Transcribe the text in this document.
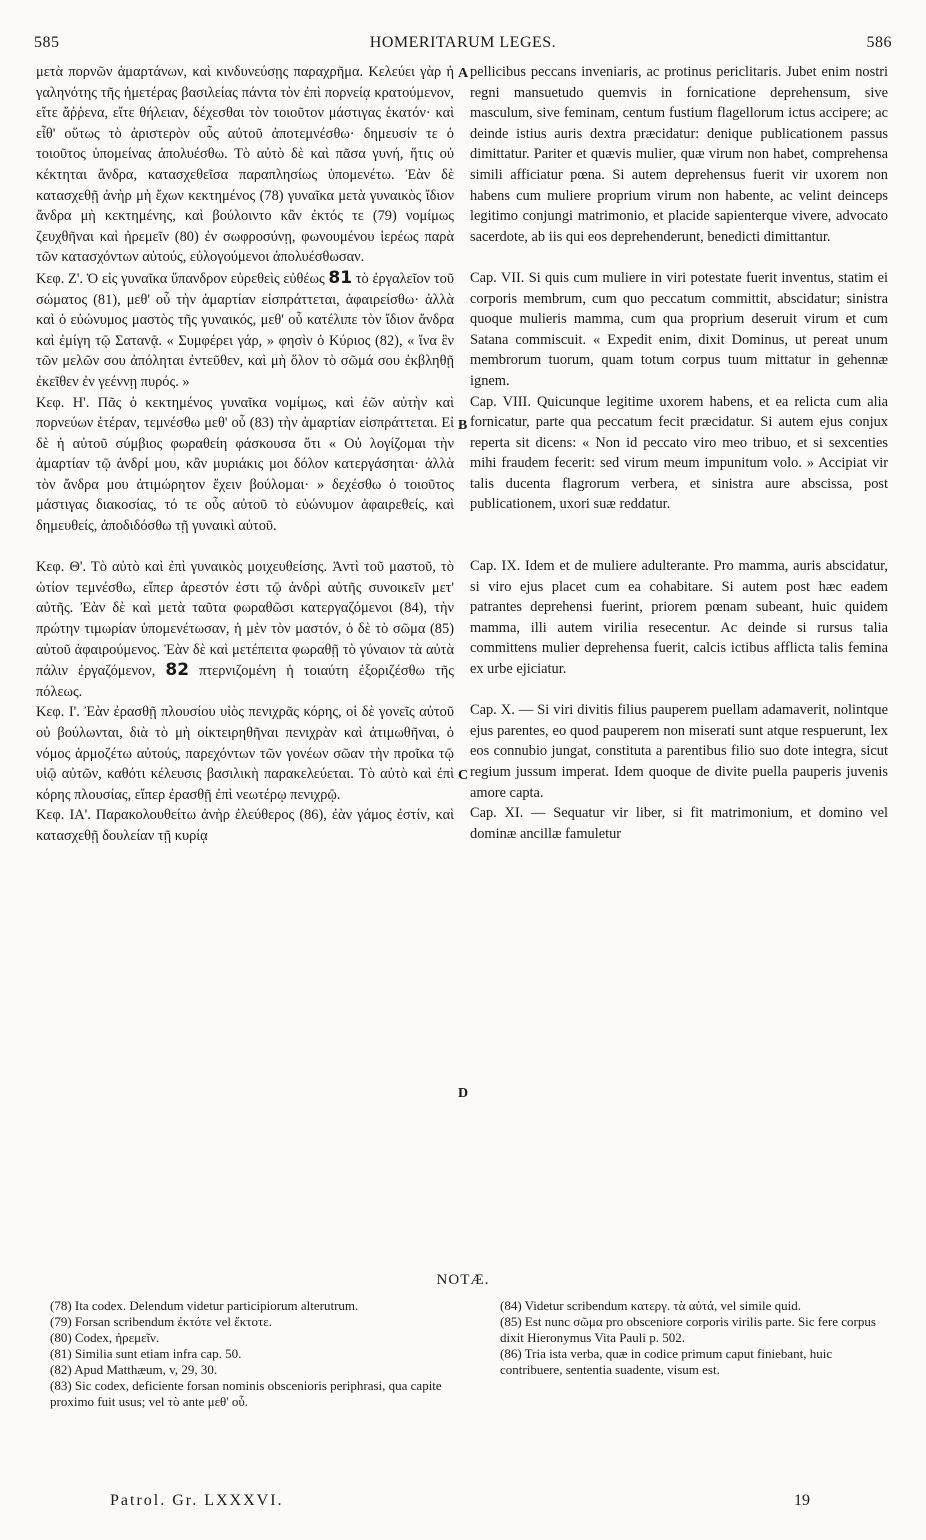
585	HOMERITARUM LEGES.	586

μετὰ πορνῶν ἁμαρτάνων, καὶ κινδυνεύσῃς παραχρῆμα. Κελεύει γὰρ ἡ γαληνότης τῆς ἡμετέρας βασιλείας πάντα τὸν ἐπὶ πορνείᾳ κρατούμενον, εἴτε ἄῤῥενα, εἴτε θήλειαν, δέχεσθαι τὸν τοιοῦτον μάστιγας ἑκατόν· καὶ εἶθ' οὕτως τὸ ἀριστερὸν οὖς αὐτοῦ ἀποτεμνέσθω· δημευσίν τε ὁ τοιοῦτος ὑπομείνας ἀπολυέσθω. Τὸ αὐτὸ δὲ καὶ πᾶσα γυνή, ἥτις οὐ κέκτηται ἄνδρα, κατασχεθεῖσα παραπλησίως ὑπομενέτω. Ἐὰν δὲ κατασχεθῇ ἀνὴρ μὴ ἔχων κεκτημένος (78) γυναῖκα μετὰ γυναικὸς ἴδιον ἄνδρα μὴ κεκτημένης, καὶ βούλοιντο κἂν ἐκτός τε (79) νομίμως ζευχθῆναι καὶ ἠρεμεῖν (80) ἐν σωφροσύνῃ, φωνουμένου ἱερέως παρὰ τῶν κατασχόντων αὐτούς, εὐλογούμενοι ἀπολυέσθωσαν.

Κεφ. Ζ'. Ὁ εἰς γυναῖκα ὕπανδρον εὑρεθεὶς εὐθέως 81 τὸ ἐργαλεῖον τοῦ σώματος (81), μεθ' οὗ τὴν ἁμαρτίαν εἰσπράττεται, ἀφαιρείσθω· ἀλλὰ καὶ ὁ εὐώνυμος μαστὸς τῆς γυναικός, μεθ' οὗ κατέλιπε τὸν ἴδιον ἄνδρα καὶ ἐμίγη τῷ Σατανᾷ. « Συμφέρει γάρ, » φησὶν ὁ Κύριος (82), « ἵνα ἓν τῶν μελῶν σου ἀπόληται ἐντεῦθεν, καὶ μὴ ὅλον τὸ σῶμά σου ἐκβληθῇ ἐκεῖθεν ἐν γεέννῃ πυρός. »

Κεφ. Η'. Πᾶς ὁ κεκτημένος γυναῖκα νομίμως, καὶ ἐῶν αὐτὴν καὶ πορνεύων ἑτέραν, τεμνέσθω μεθ' οὗ (83) τὴν ἁμαρτίαν εἰσπράττεται. Εἰ δὲ ἡ αὐτοῦ σύμβιος φωραθείη φάσκουσα ὅτι « Οὐ λογίζομαι τὴν ἁμαρτίαν τῷ ἀνδρί μου, κἂν μυριάκις μοι δόλον κατεργάσηται· ἀλλὰ τὸν ἄνδρα μου ἀτιμώρητον ἔχειν βούλομαι· » δεχέσθω ὁ τοιοῦτος μάστιγας διακοσίας, τό τε οὖς αὐτοῦ τὸ εὐώνυμον ἀφαιρεθείς, καὶ δημευθείς, ἀποδιδόσθω τῇ γυναικὶ αὐτοῦ.

Κεφ. Θ'. Τὸ αὐτὸ καὶ ἐπὶ γυναικὸς μοιχευθείσης. Ἀντὶ τοῦ μαστοῦ, τὸ ὠτίον τεμνέσθω, εἴπερ ἀρεστόν ἐστι τῷ ἀνδρὶ αὐτῆς συνοικεῖν μετ' αὐτῆς. Ἐὰν δὲ καὶ μετὰ ταῦτα φωραθῶσι κατεργαζόμενοι (84), τὴν πρώτην τιμωρίαν ὑπομενέτωσαν, ἡ μὲν τὸν μαστόν, ὁ δὲ τὸ σῶμα (85) αὐτοῦ ἀφαιρούμενος. Ἐὰν δὲ καὶ μετέπειτα φωραθῇ τὸ γύναιον τὰ αὐτὰ πάλιν ἐργαζόμενον, 82 πτερνιζομένη ἡ τοιαύτη ἐξοριζέσθω τῆς πόλεως.

Κεφ. Ι'. Ἐὰν ἐρασθῇ πλουσίου υἱὸς πενιχρᾶς κόρης, οἱ δὲ γονεῖς αὐτοῦ οὐ βούλωνται, διὰ τὸ μὴ οἰκτειρηθῆναι πενιχρὰν καὶ ἀτιμωθῆναι, ὁ νόμος ἁρμοζέτω αὐτούς, παρεχόντων τῶν γονέων σῶαν τὴν προῖκα τῷ υἱῷ αὐτῶν, καθότι κέλευσις βασιλικὴ παρακελεύεται. Τὸ αὐτὸ καὶ ἐπὶ κόρης πλουσίας, εἴπερ ἐρασθῇ ἐπὶ νεωτέρῳ πενιχρῷ.

Κεφ. ΙΑ'. Παρακολουθείτω ἀνὴρ ἐλεύθερος (86), ἐὰν γάμος ἐστίν, καὶ κατασχεθῇ δουλείαν τῇ κυρίᾳ

A
B
C
D

pellicibus peccans inveniaris, ac protinus periclitaris. Jubet enim nostri regni mansuetudo quemvis in fornicatione deprehensum, sive masculum, sive feminam, centum fustium flagellorum ictus accipere; ac deinde istius auris dextra præcidatur: denique publicationem passus dimittatur. Pariter et quævis mulier, quæ virum non habet, comprehensa simili afficiatur pœna. Si autem deprehensus fuerit vir uxorem non habens cum muliere proprium virum non habente, ac velint deinceps legitimo conjungi matrimonio, et placide sapienterque vivere, advocato sacerdote, ab iis qui eos deprehenderunt, benedicti dimittantur.

Cap. VII. Si quis cum muliere in viri potestate fuerit inventus, statim ei corporis membrum, cum quo peccatum committit, abscidatur; sinistra quoque mulieris mamma, cum qua proprium deseruit virum et cum Satana commiscuit. « Expedit enim, dixit Dominus, ut pereat unum membrorum tuorum, quam totum corpus tuum mittatur in gehennæ ignem.

Cap. VIII. Quicunque legitime uxorem habens, et ea relicta cum alia fornicatur, parte qua peccatum fecit præcidatur. Si autem ejus conjux reperta sit dicens: « Non id peccato viro meo tribuo, et si sexcenties mihi fraudem fecerit: sed virum meum impunitum volo. » Accipiat vir talis ducenta flagrorum verbera, et sinistra aure abscissa, post publicationem, uxori suæ reddatur.

Cap. IX. Idem et de muliere adulterante. Pro mamma, auris abscidatur, si viro ejus placet cum ea cohabitare. Si autem post hæc eadem patrantes deprehensi fuerint, priorem pœnam subeant, huic quidem mamma, illi autem virilia resecentur. Ac deinde si rursus talia committens mulier deprehensa fuerit, calcis ictibus afflicta talis femina ex urbe ejiciatur.

Cap. X. — Si viri divitis filius pauperem puellam adamaverit, nolintque ejus parentes, eo quod pauperem non miserati sunt atque respuerunt, lex eos connubio jungat, constituta a parentibus filio suo dote integra, sicut regium jussum imperat. Idem quoque de divite puella pauperis juvenis amore capta.

Cap. XI. — Sequatur vir liber, si fit matrimonium, et domino vel dominæ ancillæ famuletur

NOTÆ.
(78) Ita codex. Delendum videtur participiorum alterutrum.
(79) Forsan scribendum ἐκτότε vel ἔκτοτε.
(80) Codex, ἠρεμεῖν.
(81) Similia sunt etiam infra cap. 50.
(82) Apud Matthæum, v, 29, 30.
(83) Sic codex, deficiente forsan nominis obscenioris periphrasi, qua capite proximo fuit usus; vel τὸ ante μεθ' οὗ.
(84) Videtur scribendum κατεργ. τὰ αὐτά, vel simile quid.
(85) Est nunc σῶμα pro obsceniore corporis virilis parte. Sic fere corpus dixit Hieronymus Vita Pauli p. 502.
(86) Tria ista verba, quæ in codice primum caput finiebant, huic contribuere, sententia suadente, visum est.
Patrol. Gr. LXXXVI.	19
